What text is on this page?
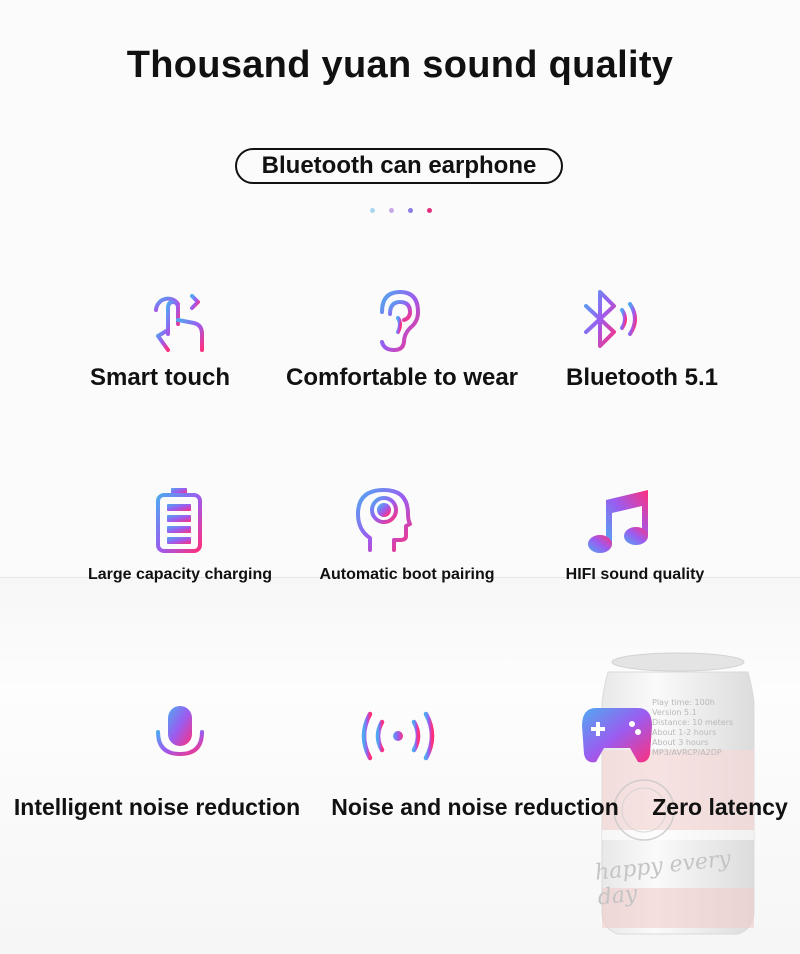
Play time: 100h
Version 5.1
Distance: 10 meters
About 1-2 hours
About 3 hours
MP3/AVRCP/A2DP
happy every day
Thousand yuan sound quality
Bluetooth can earphone
Smart touch	Comfortable to wear	Bluetooth 5.1
Large capacity charging	Automatic boot pairing	HIFI sound quality
Intelligent noise reduction	Noise and noise reduction	Zero latency
